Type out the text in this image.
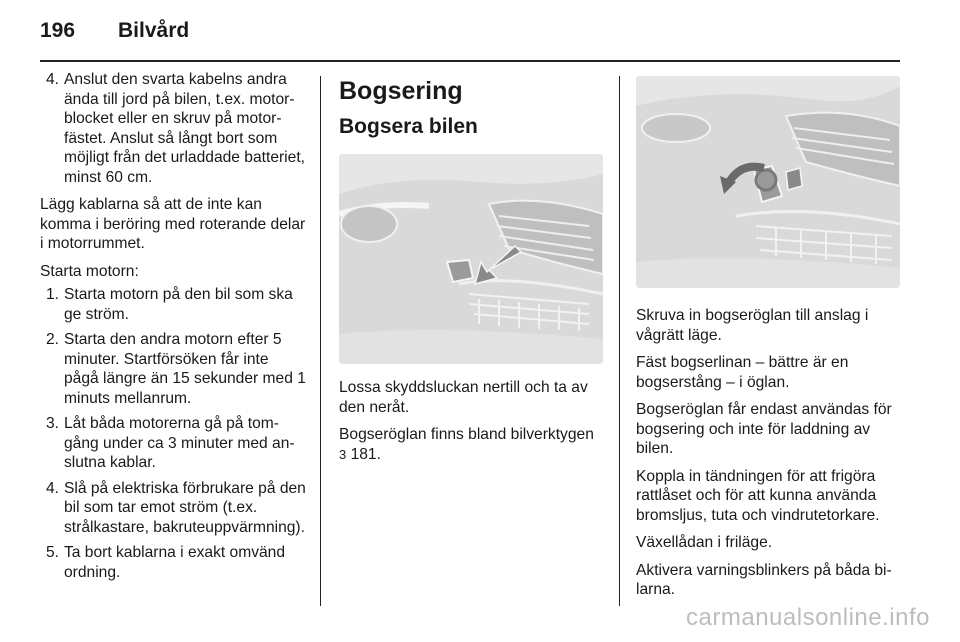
196 Bilvård
4. Anslut den svarta kabelns andra ända till jord på bilen, t.ex. motorblocket eller en skruv på motorfästet. Anslut så långt bort som möjligt från det urladdade batteriet, minst 60 cm.

Lägg kablarna så att de inte kan komma i beröring med roterande delar i motorrummet.

Starta motorn:

1. Starta motorn på den bil som ska ge ström.
2. Starta den andra motorn efter 5 minuter. Startförsöken får inte pågå längre än 15 sekunder med 1 minuts mellanrum.
3. Låt båda motorerna gå på tomgång under ca 3 minuter med anslutna kablar.
4. Slå på elektriska förbrukare på den bil som tar emot ström (t.ex. strålkastare, bakruteuppvärmning).
5. Ta bort kablarna i exakt omvänd ordning.
Bogsering
Bogsera bilen

Lossa skyddsluckan nertill och ta av den neråt.

Bogseröglan finns bland bilverktygen
3 181.

Skruva in bogseröglan till anslag i vågrätt läge.

Fäst bogserlinan – bättre är en bogserstång – i öglan.

Bogseröglan får endast användas för bogsering och inte för laddning av bilen.

Koppla in tändningen för att frigöra rattlåset och för att kunna använda bromsljus, tuta och vindrutetorkare.

Växellådan i friläge.

Aktivera varningsblinkers på båda bilarna.

carmanualsonline.info
